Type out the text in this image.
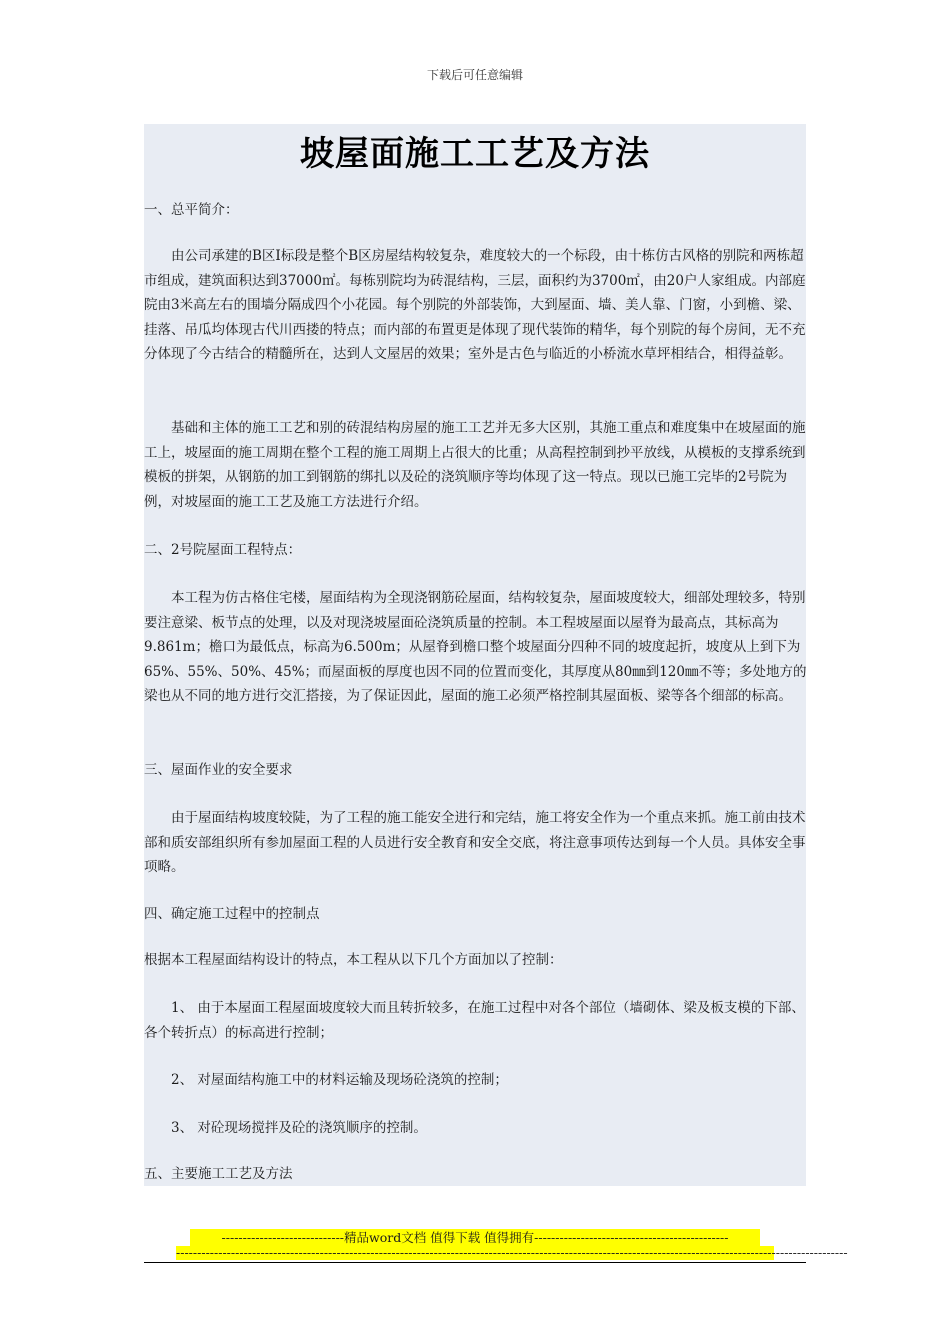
下载后可任意编辑
坡屋面施工工艺及方法

一、总平简介：

由公司承建的B区Ⅰ标段是整个B区房屋结构较复杂，难度较大的一个标段，由十栋仿古风格的别院和两栋超市组成，建筑面积达到37000㎡。每栋别院均为砖混结构，三层，面积约为3700㎡，由20户人家组成。内部庭院由3米高左右的围墙分隔成四个小花园。每个别院的外部装饰，大到屋面、墙、美人靠、门窗，小到檐、梁、挂落、吊瓜均体现古代川西搂的特点；而内部的布置更是体现了现代装饰的精华，每个别院的每个房间，无不充分体现了今古结合的精髓所在，达到人文屋居的效果；室外是古色与临近的小桥流水草坪相结合，相得益彰。

基础和主体的施工工艺和别的砖混结构房屋的施工工艺并无多大区别，其施工重点和难度集中在坡屋面的施工上，坡屋面的施工周期在整个工程的施工周期上占很大的比重；从高程控制到抄平放线，从模板的支撑系统到模板的拼架，从钢筋的加工到钢筋的绑扎以及砼的浇筑顺序等均体现了这一特点。现以已施工完毕的2号院为例，对坡屋面的施工工艺及施工方法进行介绍。

二、2号院屋面工程特点：

本工程为仿古格住宅楼，屋面结构为全现浇钢筋砼屋面，结构较复杂，屋面坡度较大，细部处理较多，特别要注意梁、板节点的处理，以及对现浇坡屋面砼浇筑质量的控制。本工程坡屋面以屋脊为最高点，其标高为9.861m；檐口为最低点，标高为6.500m；从屋脊到檐口整个坡屋面分四种不同的坡度起折，坡度从上到下为65%、55%、50%、45%；而屋面板的厚度也因不同的位置而变化，其厚度从80㎜到120㎜不等；多处地方的梁也从不同的地方进行交汇搭接，为了保证因此，屋面的施工必须严格控制其屋面板、梁等各个细部的标高。

三、屋面作业的安全要求

由于屋面结构坡度较陡，为了工程的施工能安全进行和完结，施工将安全作为一个重点来抓。施工前由技术部和质安部组织所有参加屋面工程的人员进行安全教育和安全交底，将注意事项传达到每一个人员。具体安全事项略。

四、确定施工过程中的控制点

根据本工程屋面结构设计的特点，本工程从以下几个方面加以了控制：

1、 由于本屋面工程屋面坡度较大而且转折较多，在施工过程中对各个部位（墙砌体、梁及板支模的下部、各个转折点）的标高进行控制；

2、 对屋面结构施工中的材料运输及现场砼浇筑的控制；

3、 对砼现场搅拌及砼的浇筑顺序的控制。

五、主要施工工艺及方法

-----------------------------精品word文档 值得下载 值得拥有----------------------------------------------
---------------------------------------------------------------------------------------------------------------------------------------------------------------
